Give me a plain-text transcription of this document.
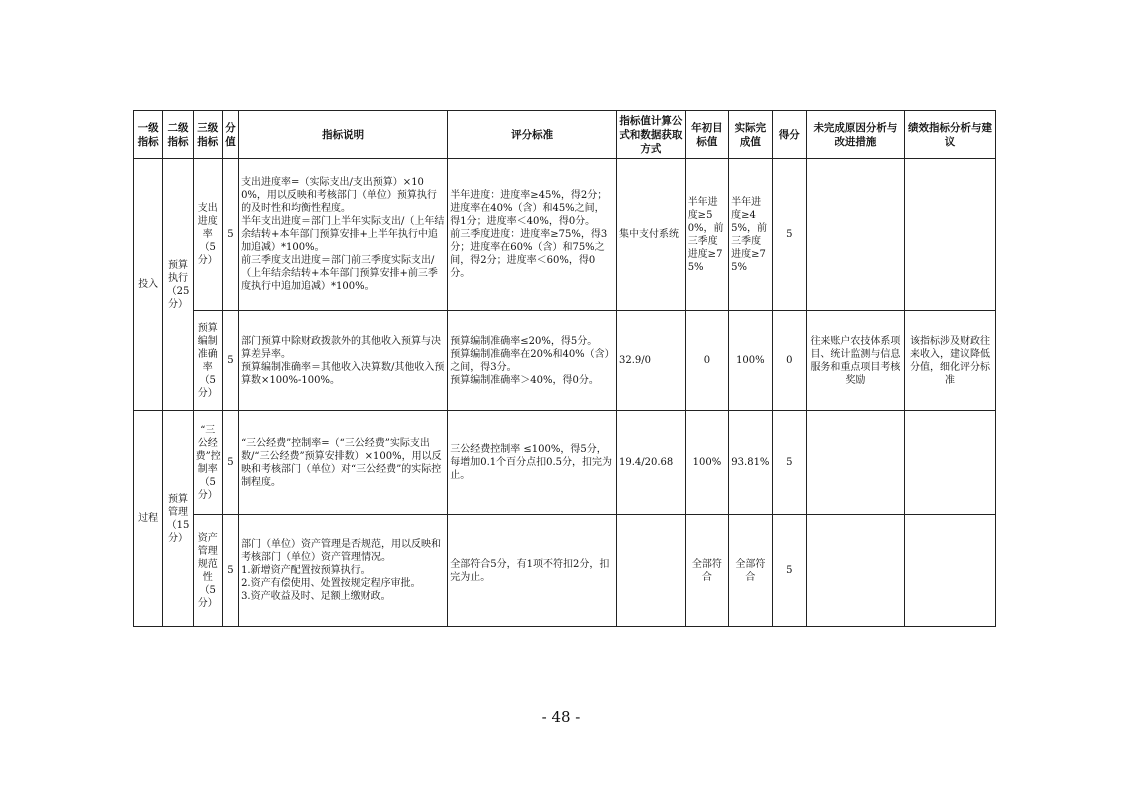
一级指标	二级指标	三级指标	分值	指标说明	评分标准	指标值计算公式和数据获取方式	年初目标值	实际完成值	得分	未完成原因分析与改进措施	绩效指标分析与建议
投入	预算执行（25分）	支出进度率（5分）	5	支出进度率=（实际支出/支出预算）×100%，用以反映和考核部门（单位）预算执行的及时性和均衡性程度。
半年支出进度＝部门上半年实际支出/（上年结余结转+本年部门预算安排+上半年执行中追加追减）*100%。
前三季度支出进度＝部门前三季度实际支出/（上年结余结转+本年部门预算安排+前三季度执行中追加追减）*100%。	半年进度：进度率≥45%，得2分；进度率在40%（含）和45%之间，得1分；进度率＜40%，得0分。
前三季度进度：进度率≥75%，得3分；进度率在60%（含）和75%之间，得2分；进度率＜60%，得0分。	集中支付系统	半年进度≥50%，前三季度进度≥75%	半年进度≥45%，前三季度进度≥75%	5		
		预算编制准确率（5分）	5	部门预算中除财政拨款外的其他收入预算与决算差异率。
预算编制准确率＝其他收入决算数/其他收入预算数×100%-100%。	预算编制准确率≤20%，得5分。
预算编制准确率在20%和40%（含）之间，得3分。
预算编制准确率＞40%，得0分。	32.9/0	0	100%	0	往来账户农技体系项目、统计监测与信息服务和重点项目考核奖励	该指标涉及财政往来收入，建议降低分值，细化评分标准
过程	预算管理（15分）	“三公经费”控制率（5分）	5	“三公经费”控制率=（“三公经费”实际支出数/“三公经费”预算安排数）×100%，用以反映和考核部门（单位）对“三公经费”的实际控制程度。	三公经费控制率 ≤100%，得5分，每增加0.1个百分点扣0.5分，扣完为止。	19.4/20.68	100%	93.81%	5		
		资产管理规范性（5分）	5	部门（单位）资产管理是否规范，用以反映和考核部门（单位）资产管理情况。
1.新增资产配置按预算执行。
2.资产有偿使用、处置按规定程序审批。
3.资产收益及时、足额上缴财政。	全部符合5分，有1项不符扣2分，扣完为止。		全部符合	全部符合	5		
- 48 -
